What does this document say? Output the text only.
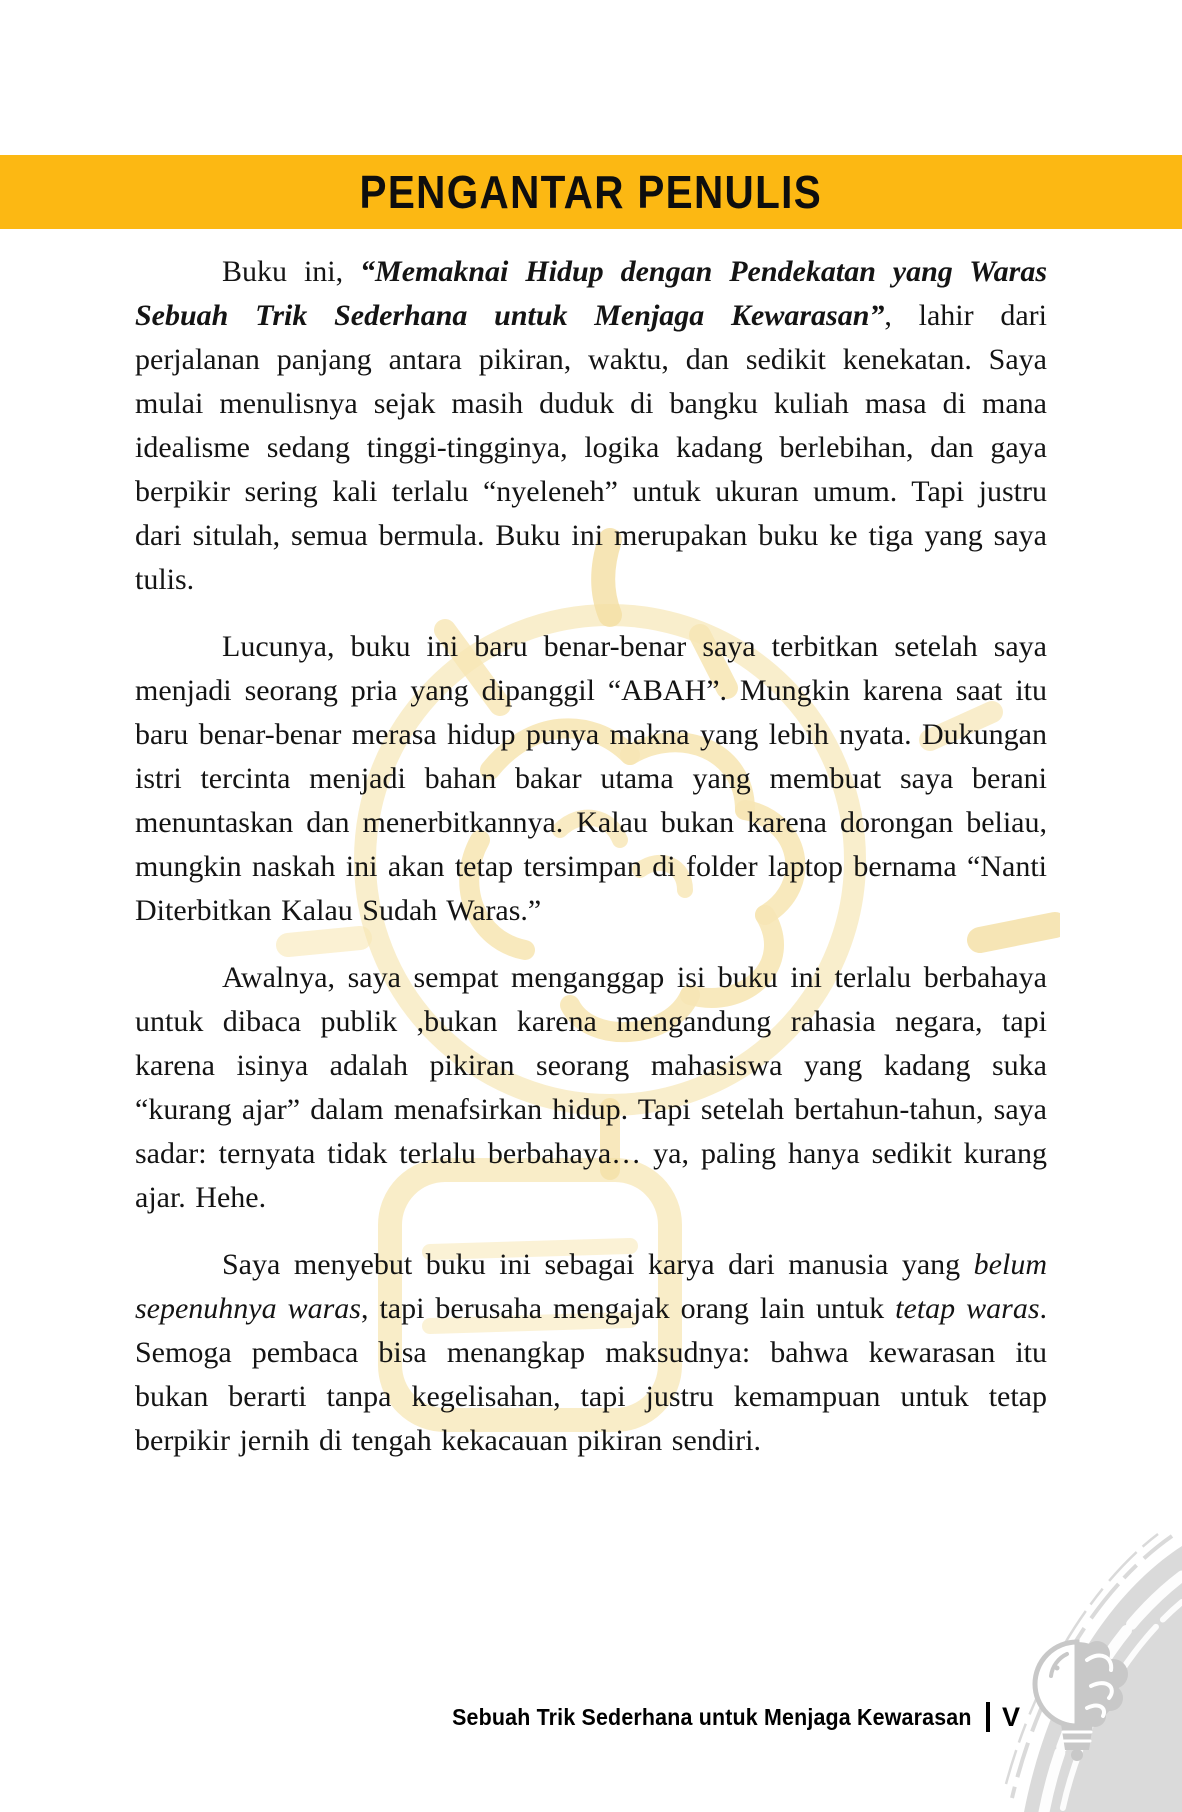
PENGANTAR PENULIS

Buku ini, “Memaknai Hidup dengan Pendekatan yang Waras Sebuah Trik Sederhana untuk Menjaga Kewarasan”, lahir dari perjalanan panjang antara pikiran, waktu, dan sedikit kenekatan. Saya mulai menulisnya sejak masih duduk di bangku kuliah masa di mana idealisme sedang tinggi-tingginya, logika kadang berlebihan, dan gaya berpikir sering kali terlalu “nyeleneh” untuk ukuran umum. Tapi justru dari situlah, semua bermula. Buku ini merupakan buku ke tiga yang saya tulis.

Lucunya, buku ini baru benar-benar saya terbitkan setelah saya menjadi seorang pria yang dipanggil “ABAH”. Mungkin karena saat itu baru benar-benar merasa hidup punya makna yang lebih nyata. Dukungan istri tercinta menjadi bahan bakar utama yang membuat saya berani menuntaskan dan menerbitkannya. Kalau bukan karena dorongan beliau, mungkin naskah ini akan tetap tersimpan di folder laptop bernama “Nanti Diterbitkan Kalau Sudah Waras.”

Awalnya, saya sempat menganggap isi buku ini terlalu berbahaya untuk dibaca publik ,bukan karena mengandung rahasia negara, tapi karena isinya adalah pikiran seorang mahasiswa yang kadang suka “kurang ajar” dalam menafsirkan hidup. Tapi setelah bertahun-tahun, saya sadar: ternyata tidak terlalu berbahaya… ya, paling hanya sedikit kurang ajar. Hehe.

Saya menyebut buku ini sebagai karya dari manusia yang belum sepenuhnya waras, tapi berusaha mengajak orang lain untuk tetap waras. Semoga pembaca bisa menangkap maksudnya: bahwa kewarasan itu bukan berarti tanpa kegelisahan, tapi justru kemampuan untuk tetap berpikir jernih di tengah kekacauan pikiran sendiri.

Sebuah Trik Sederhana untuk Menjaga Kewarasan V
